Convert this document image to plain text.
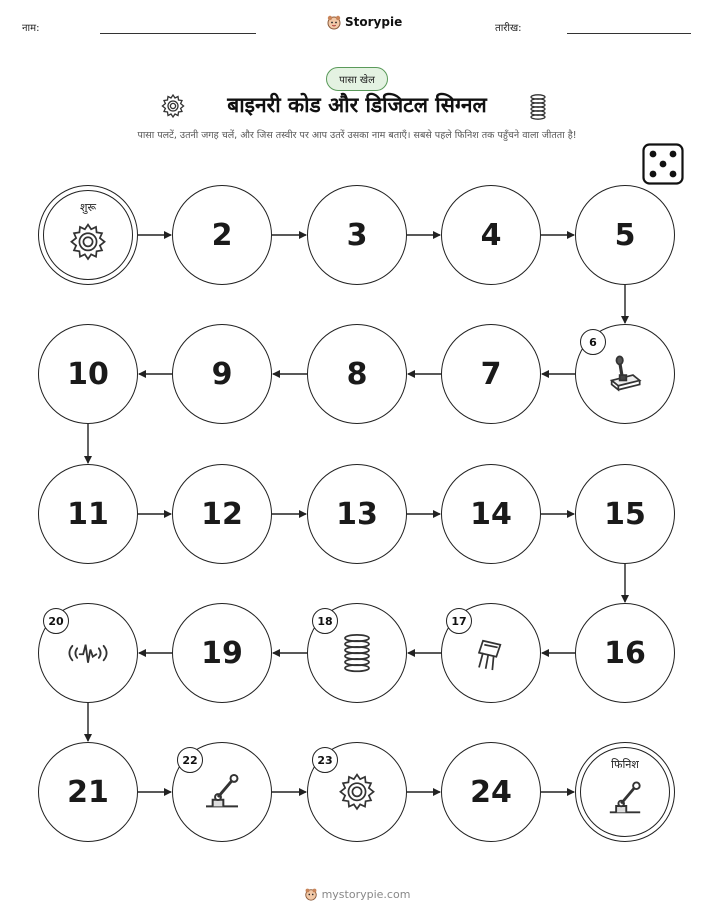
नाम:	Storypie	तारीख:
पासा खेल
बाइनरी कोड और डिजिटल सिग्नल
पासा पलटें, उतनी जगह चलें, और जिस तस्वीर पर आप उतरें उसका नाम बताएँ। सबसे पहले फिनिश तक पहुँचने वाला जीतता है!
शुरू
2	3	4	5
6
7
8
9
10
11	12	13	14	15
16
17
18
19
20
21
22	23
24
फिनिश
mystorypie.com
